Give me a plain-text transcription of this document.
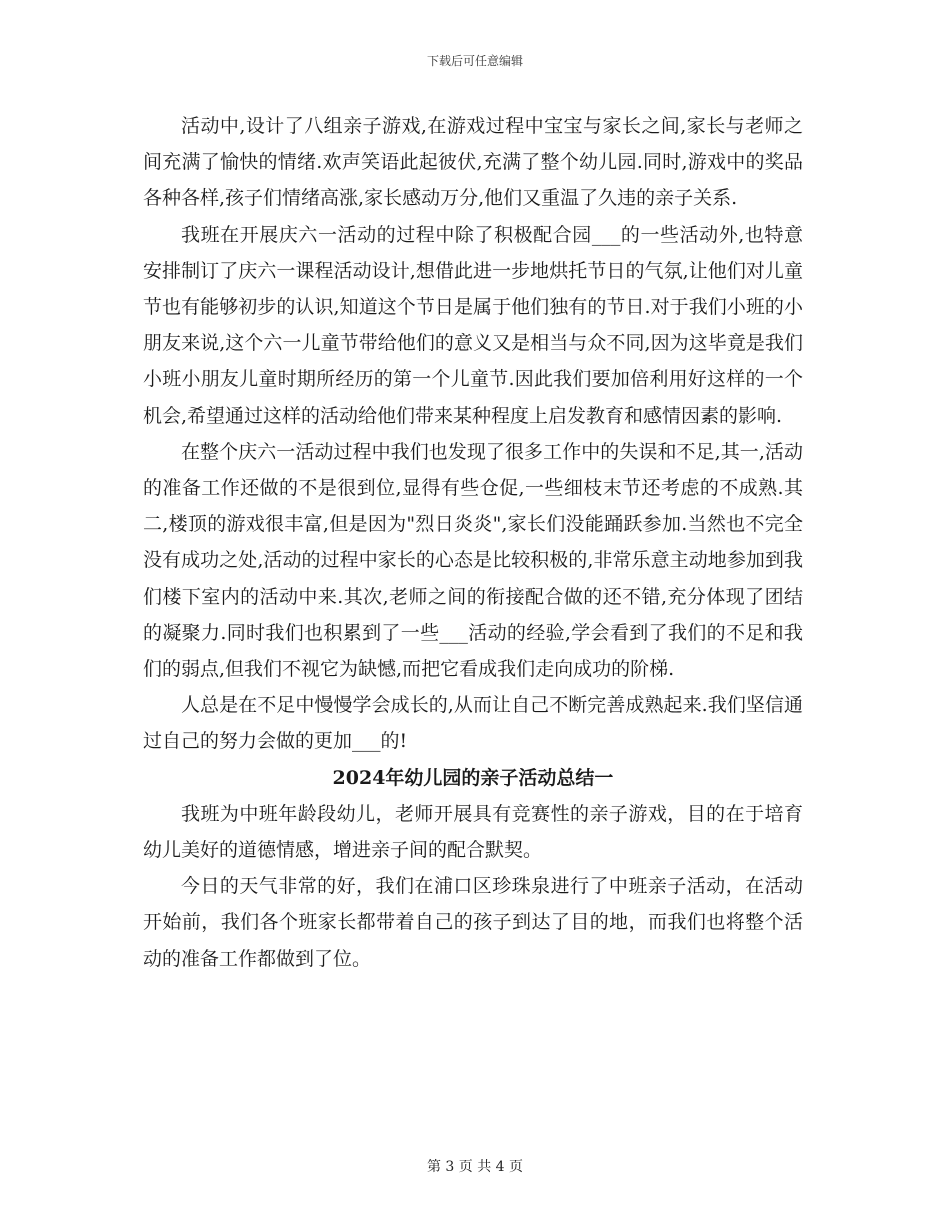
下载后可任意编辑

活动中,设计了八组亲子游戏,在游戏过程中宝宝与家长之间,家长与老师之间充满了愉快的情绪.欢声笑语此起彼伏,充满了整个幼儿园.同时,游戏中的奖品各种各样,孩子们情绪高涨,家长感动万分,他们又重温了久违的亲子关系.

我班在开展庆六一活动的过程中除了积极配合园___的一些活动外,也特意安排制订了庆六一课程活动设计,想借此进一步地烘托节日的气氛,让他们对儿童节也有能够初步的认识,知道这个节日是属于他们独有的节日.对于我们小班的小朋友来说,这个六一儿童节带给他们的意义又是相当与众不同,因为这毕竟是我们小班小朋友儿童时期所经历的第一个儿童节.因此我们要加倍利用好这样的一个机会,希望通过这样的活动给他们带来某种程度上启发教育和感情因素的影响.

在整个庆六一活动过程中我们也发现了很多工作中的失误和不足,其一,活动的准备工作还做的不是很到位,显得有些仓促,一些细枝末节还考虑的不成熟.其二,楼顶的游戏很丰富,但是因为"烈日炎炎",家长们没能踊跃参加.当然也不完全没有成功之处,活动的过程中家长的心态是比较积极的,非常乐意主动地参加到我们楼下室内的活动中来.其次,老师之间的衔接配合做的还不错,充分体现了团结的凝聚力.同时我们也积累到了一些___活动的经验,学会看到了我们的不足和我们的弱点,但我们不视它为缺憾,而把它看成我们走向成功的阶梯.

人总是在不足中慢慢学会成长的,从而让自己不断完善成熟起来.我们坚信通过自己的努力会做的更加___的!

2024年幼儿园的亲子活动总结一

我班为中班年龄段幼儿，老师开展具有竞赛性的亲子游戏，目的在于培育幼儿美好的道德情感，增进亲子间的配合默契。

今日的天气非常的好，我们在浦口区珍珠泉进行了中班亲子活动，在活动开始前，我们各个班家长都带着自己的孩子到达了目的地，而我们也将整个活动的准备工作都做到了位。

第 3 页 共 4 页
